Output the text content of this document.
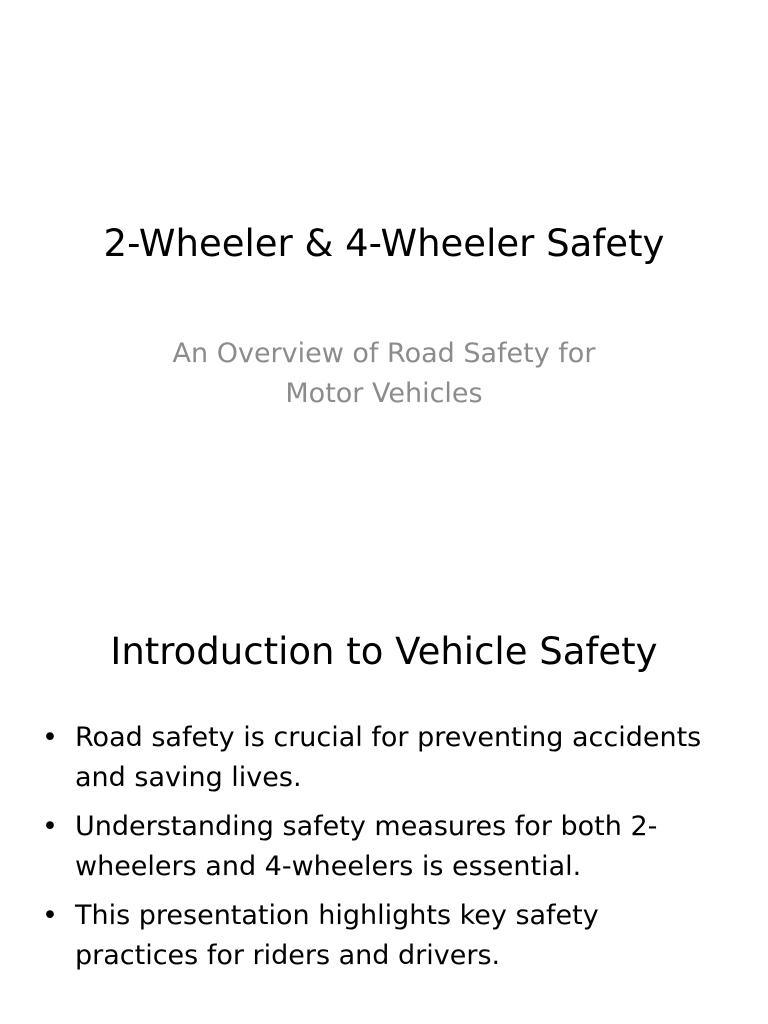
2-Wheeler & 4-Wheeler Safety

An Overview of Road Safety for Motor Vehicles

Introduction to Vehicle Safety
• Road safety is crucial for preventing accidents and saving lives.
• Understanding safety measures for both 2-wheelers and 4-wheelers is essential.
• This presentation highlights key safety practices for riders and drivers.
